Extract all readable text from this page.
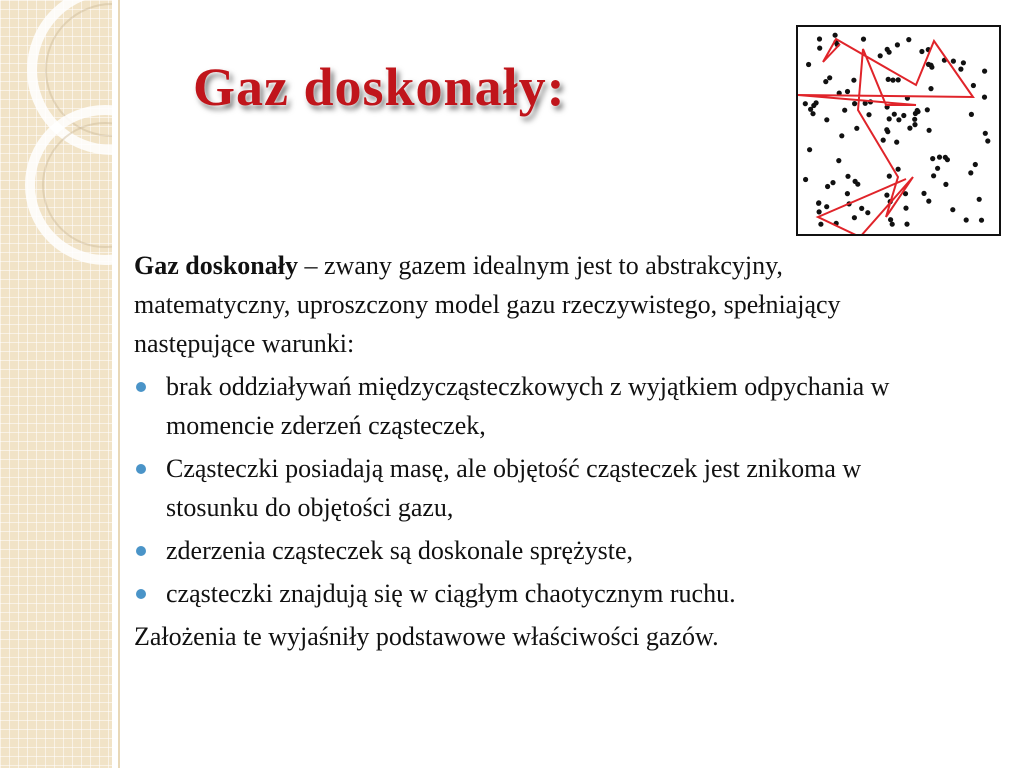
Gaz doskonały:

Gaz doskonały – zwany gazem idealnym jest to abstrakcyjny, matematyczny, uproszczony model gazu rzeczywistego, spełniający następujące warunki:

brak oddziaływań międzycząsteczkowych z wyjątkiem odpychania w momencie zderzeń cząsteczek,
Cząsteczki posiadają masę, ale objętość cząsteczek jest znikoma w stosunku do objętości gazu,
zderzenia cząsteczek są doskonale sprężyste,
cząsteczki znajdują się w ciągłym chaotycznym ruchu.

Założenia te wyjaśniły podstawowe właściwości gazów.
